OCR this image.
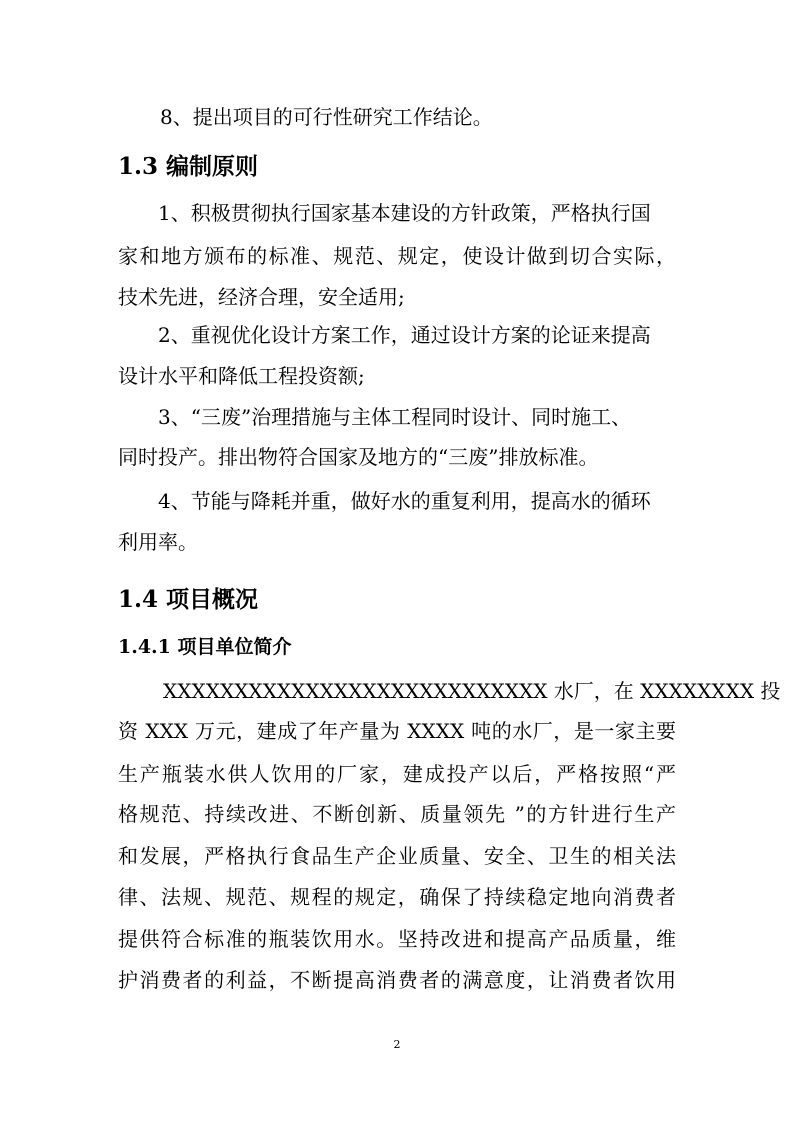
8、提出项目的可行性研究工作结论。
1.3 编制原则
1、积极贯彻执行国家基本建设的方针政策，严格执行国
家和地方颁布的标准、规范、规定，使设计做到切合实际，
技术先进，经济合理，安全适用;
2、重视优化设计方案工作，通过设计方案的论证来提高
设计水平和降低工程投资额;
3、“三废”治理措施与主体工程同时设计、同时施工、
同时投产。排出物符合国家及地方的“三废”排放标准。
4、节能与降耗并重，做好水的重复利用，提高水的循环
利用率。
1.4 项目概况
1.4.1 项目单位简介
XXXXXXXXXXXXXXXXXXXXXXXXXXX 水厂，在 XXXXXXXX 投
资 XXX 万元，建成了年产量为 XXXX 吨的水厂，是一家主要
生产瓶装水供人饮用的厂家，建成投产以后，严格按照“严
格规范、持续改进、不断创新、质量领先 ”的方针进行生产
和发展，严格执行食品生产企业质量、安全、卫生的相关法
律、法规、规范、规程的规定，确保了持续稳定地向消费者
提供符合标准的瓶装饮用水。坚持改进和提高产品质量，维
护消费者的利益，不断提高消费者的满意度，让消费者饮用
2
